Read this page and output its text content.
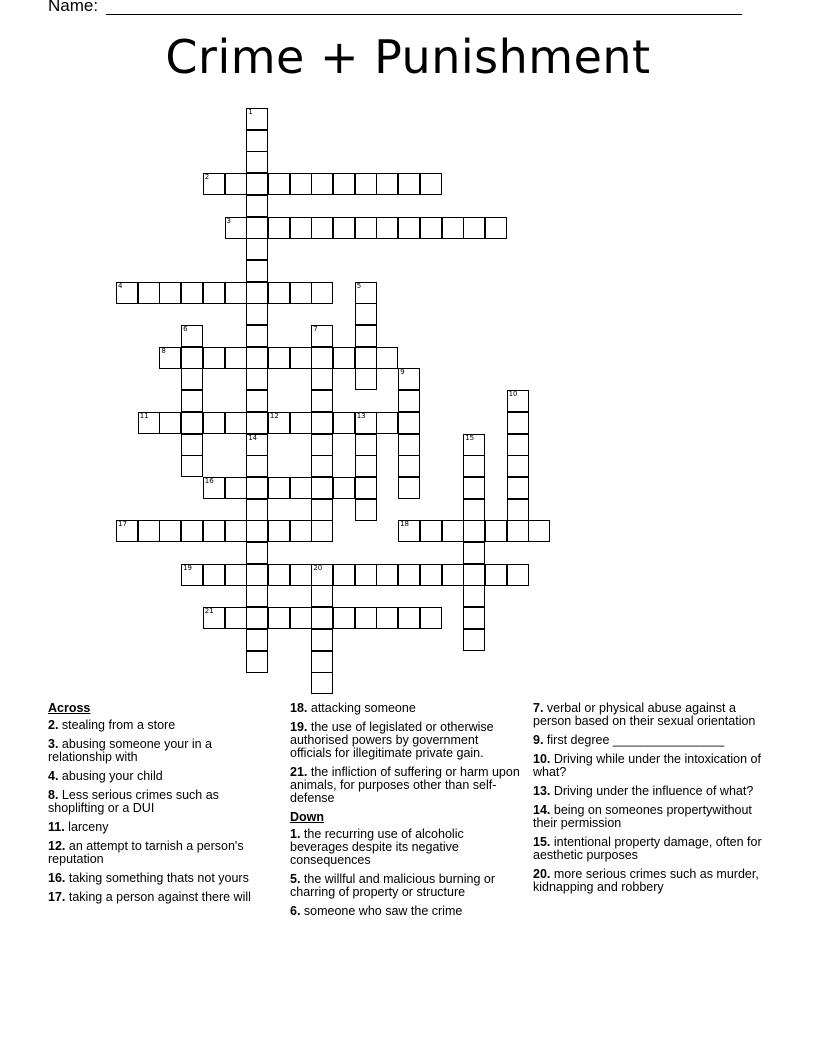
Name:
Crime + Punishment
1
14
2
3
4	5
6	7
8
9
10
11	12	13
15
16
17	18
19	20
21
Across
2. stealing from a store
3. abusing someone your in a relationship with
4. abusing your child
8. Less serious crimes such as shoplifting or a DUI
11. larceny
12. an attempt to tarnish a person's reputation
16. taking something thats not yours
17. taking a person against there will
18. attacking someone
19. the use of legislated or otherwise authorised powers by government officials for illegitimate private gain.
21. the infliction of suffering or harm upon animals, for purposes other than self-defense
Down
1. the recurring use of alcoholic beverages despite its negative consequences
5. the willful and malicious burning or charring of property or structure
6. someone who saw the crime
7. verbal or physical abuse against a person based on their sexual orientation
9. first degree ________________
10. Driving while under the intoxication of what?
13. Driving under the influence of what?
14. being on someones propertywithout their permission
15. intentional property damage, often for aesthetic purposes
20. more serious crimes such as murder, kidnapping and robbery
